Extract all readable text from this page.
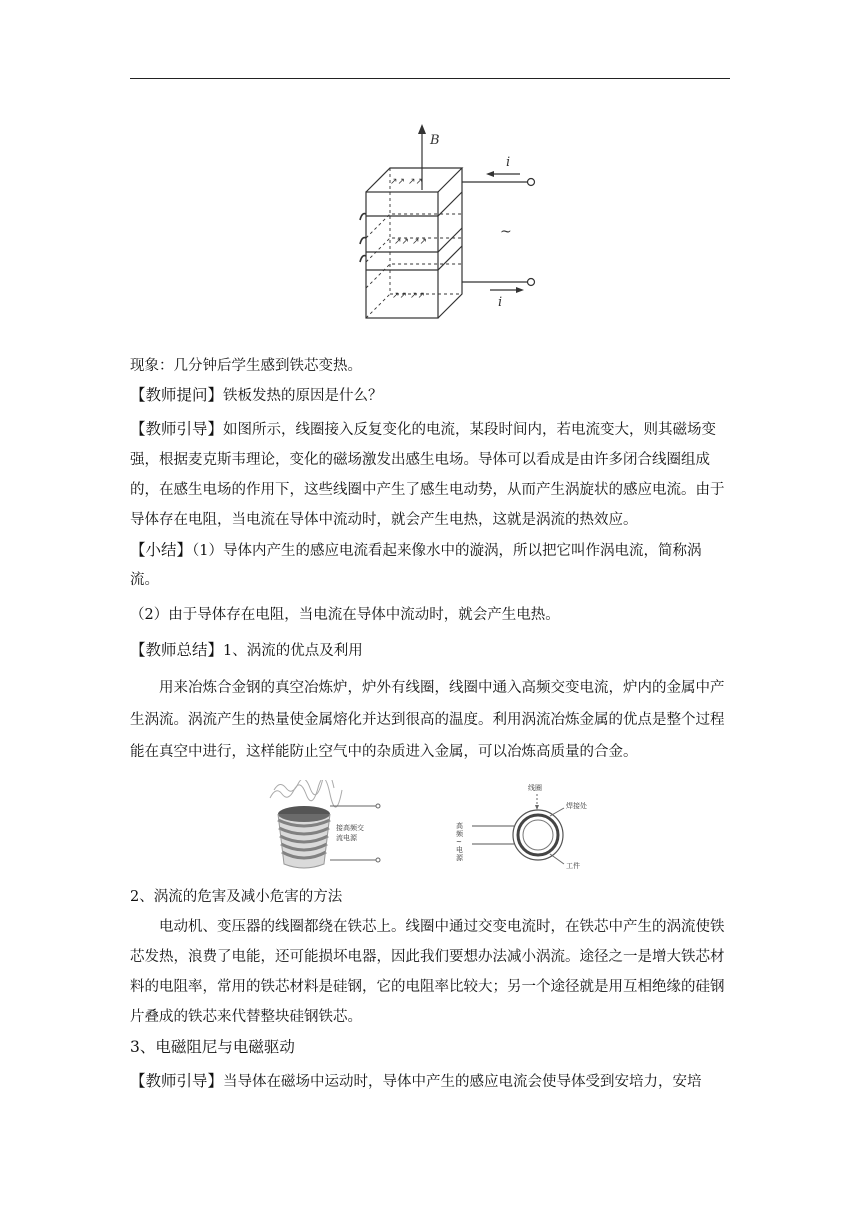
↗↗ ↗↗
↗↗ ↗↗
↗↗ ↗↗
B
i
i
~

现象：几分钟后学生感到铁芯变热。

【教师提问】铁板发热的原因是什么？

【教师引导】如图所示，线圈接入反复变化的电流，某段时间内，若电流变大，则其磁场变强，根据麦克斯韦理论，变化的磁场激发出感生电场。导体可以看成是由许多闭合线圈组成的，在感生电场的作用下，这些线圈中产生了感生电动势，从而产生涡旋状的感应电流。由于导体存在电阻，当电流在导体中流动时，就会产生电热，这就是涡流的热效应。

【小结】（1）导体内产生的感应电流看起来像水中的漩涡，所以把它叫作涡电流，简称涡流。

（2）由于导体存在电阻，当电流在导体中流动时，就会产生电热。

【教师总结】1、涡流的优点及利用

用来冶炼合金钢的真空冶炼炉，炉外有线圈，线圈中通入高频交变电流，炉内的金属中产生涡流。涡流产生的热量使金属熔化并达到很高的温度。利用涡流冶炼金属的优点是整个过程能在真空中进行，这样能防止空气中的杂质进入金属，可以冶炼高质量的合金。

接高频交
流电源
线圈
焊接处
工件
高
频
~
电
源

2、涡流的危害及减小危害的方法

电动机、变压器的线圈都绕在铁芯上。线圈中通过交变电流时，在铁芯中产生的涡流使铁芯发热，浪费了电能，还可能损坏电器，因此我们要想办法减小涡流。途径之一是增大铁芯材料的电阻率，常用的铁芯材料是硅钢，它的电阻率比较大；另一个途径就是用互相绝缘的硅钢片叠成的铁芯来代替整块硅钢铁芯。

3、电磁阻尼与电磁驱动

【教师引导】当导体在磁场中运动时，导体中产生的感应电流会使导体受到安培力，安培
